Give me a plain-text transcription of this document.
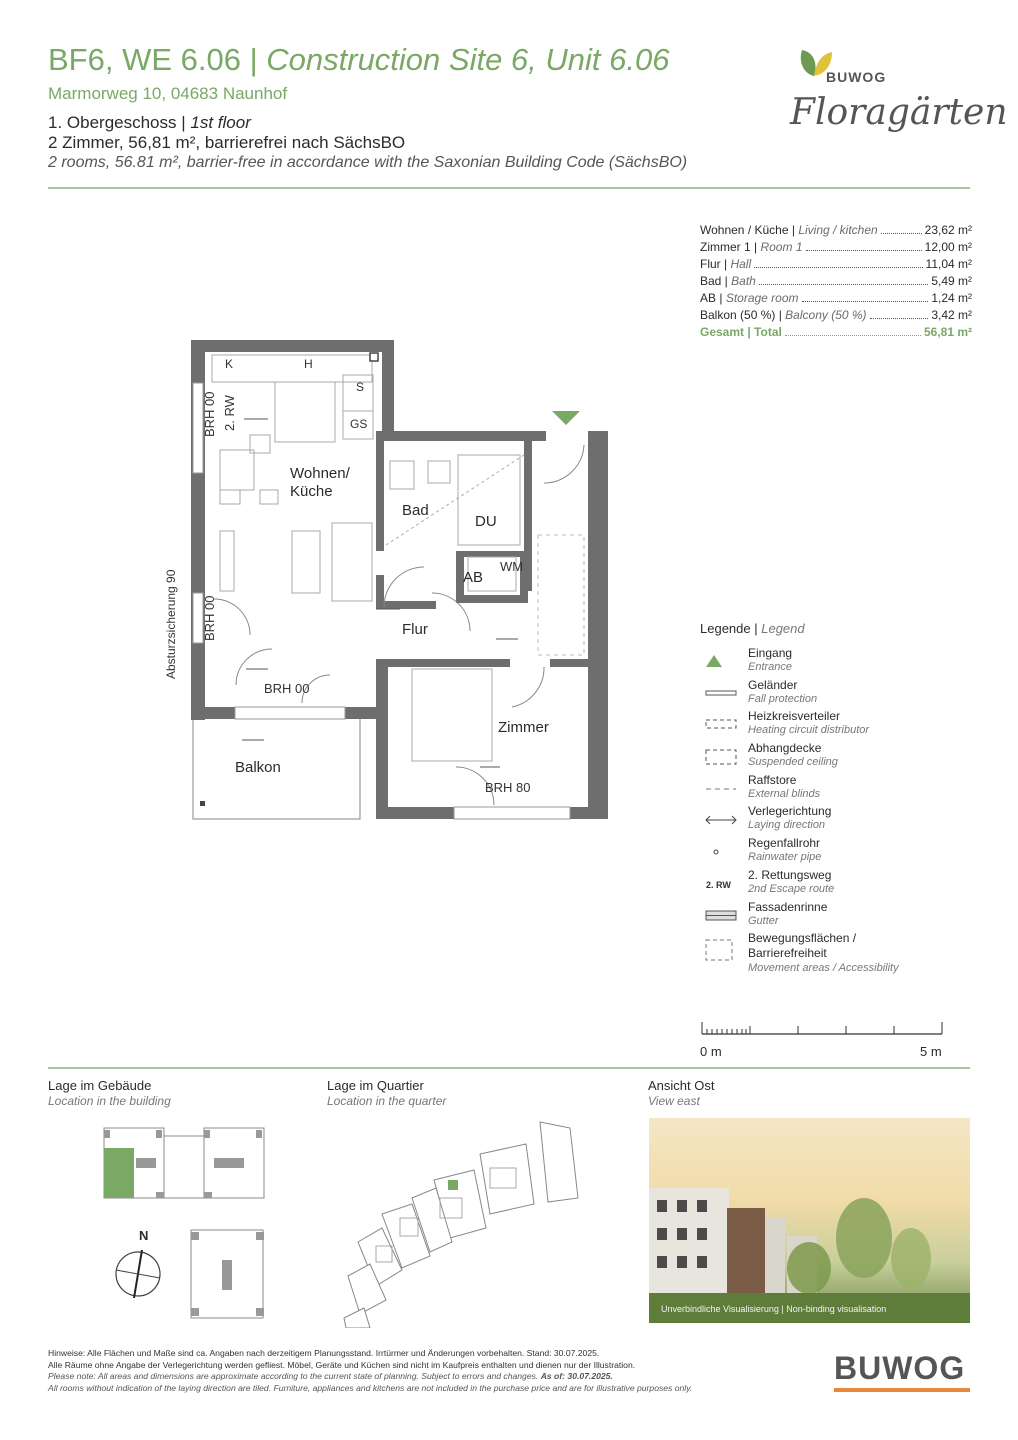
BF6, WE 6.06 | Construction Site 6, Unit 6.06
Marmorweg 10, 04683 Naunhof
1. Obergeschoss | 1st floor
2 Zimmer, 56,81 m², barrierefrei nach SächsBO
2 rooms, 56.81 m², barrier-free in accordance with the Saxonian Building Code (SächsBO)
BUWOG
Floragärten
Wohnen / Küche | Living / kitchen	23,62 m²
Zimmer 1 | Room 1	12,00 m²
Flur | Hall	11,04 m²
Bad | Bath	5,49 m²
AB | Storage room	1,24 m²
Balkon (50 %) | Balcony (50 %)	3,42 m²
Gesamt | Total	56,81 m²
K	H
S
GS
Wohnen/
Küche
Bad
DU
AB
WM
Flur
Zimmer
Balkon
BRH 00 2. RW
BRH 00
BRH 00
BRH 80
Absturzsicherung 90	Legende | Legend
Eingang
Entrance
Geländer
Fall protection
Heizkreisverteiler
Heating circuit distributor
Abhangdecke
Suspended ceiling
Raffstore
External blinds
Verlegerichtung
Laying direction
Regenfallrohr
Rainwater pipe
2. RW
2. Rettungsweg
2nd Escape route
Fassadenrinne
Gutter
Bewegungsflächen /
Barrierefreiheit
Movement areas / Accessibility
0 m	5 m
Lage im Gebäude
Location in the building
N
Lage im Quartier
Location in the quarter
Ansicht Ost
View east
Unverbindliche Visualisierung | Non-binding visualisation
Hinweise: Alle Flächen und Maße sind ca. Angaben nach derzeitigem Planungsstand. Irrtürmer und Änderungen vorbehalten. Stand: 30.07.2025.
Alle Räume ohne Angabe der Verlegerichtung werden gefliest. Möbel, Geräte und Küchen sind nicht im Kaufpreis enthalten und dienen nur der Illustration.
Please note: All areas and dimensions are approximate according to the current state of planning. Subject to errors and changes. As of: 30.07.2025.
All rooms without indication of the laying direction are tiled. Furniture, appliances and kitchens are not included in the purchase price and are for illustrative purposes only.
BUWOG
